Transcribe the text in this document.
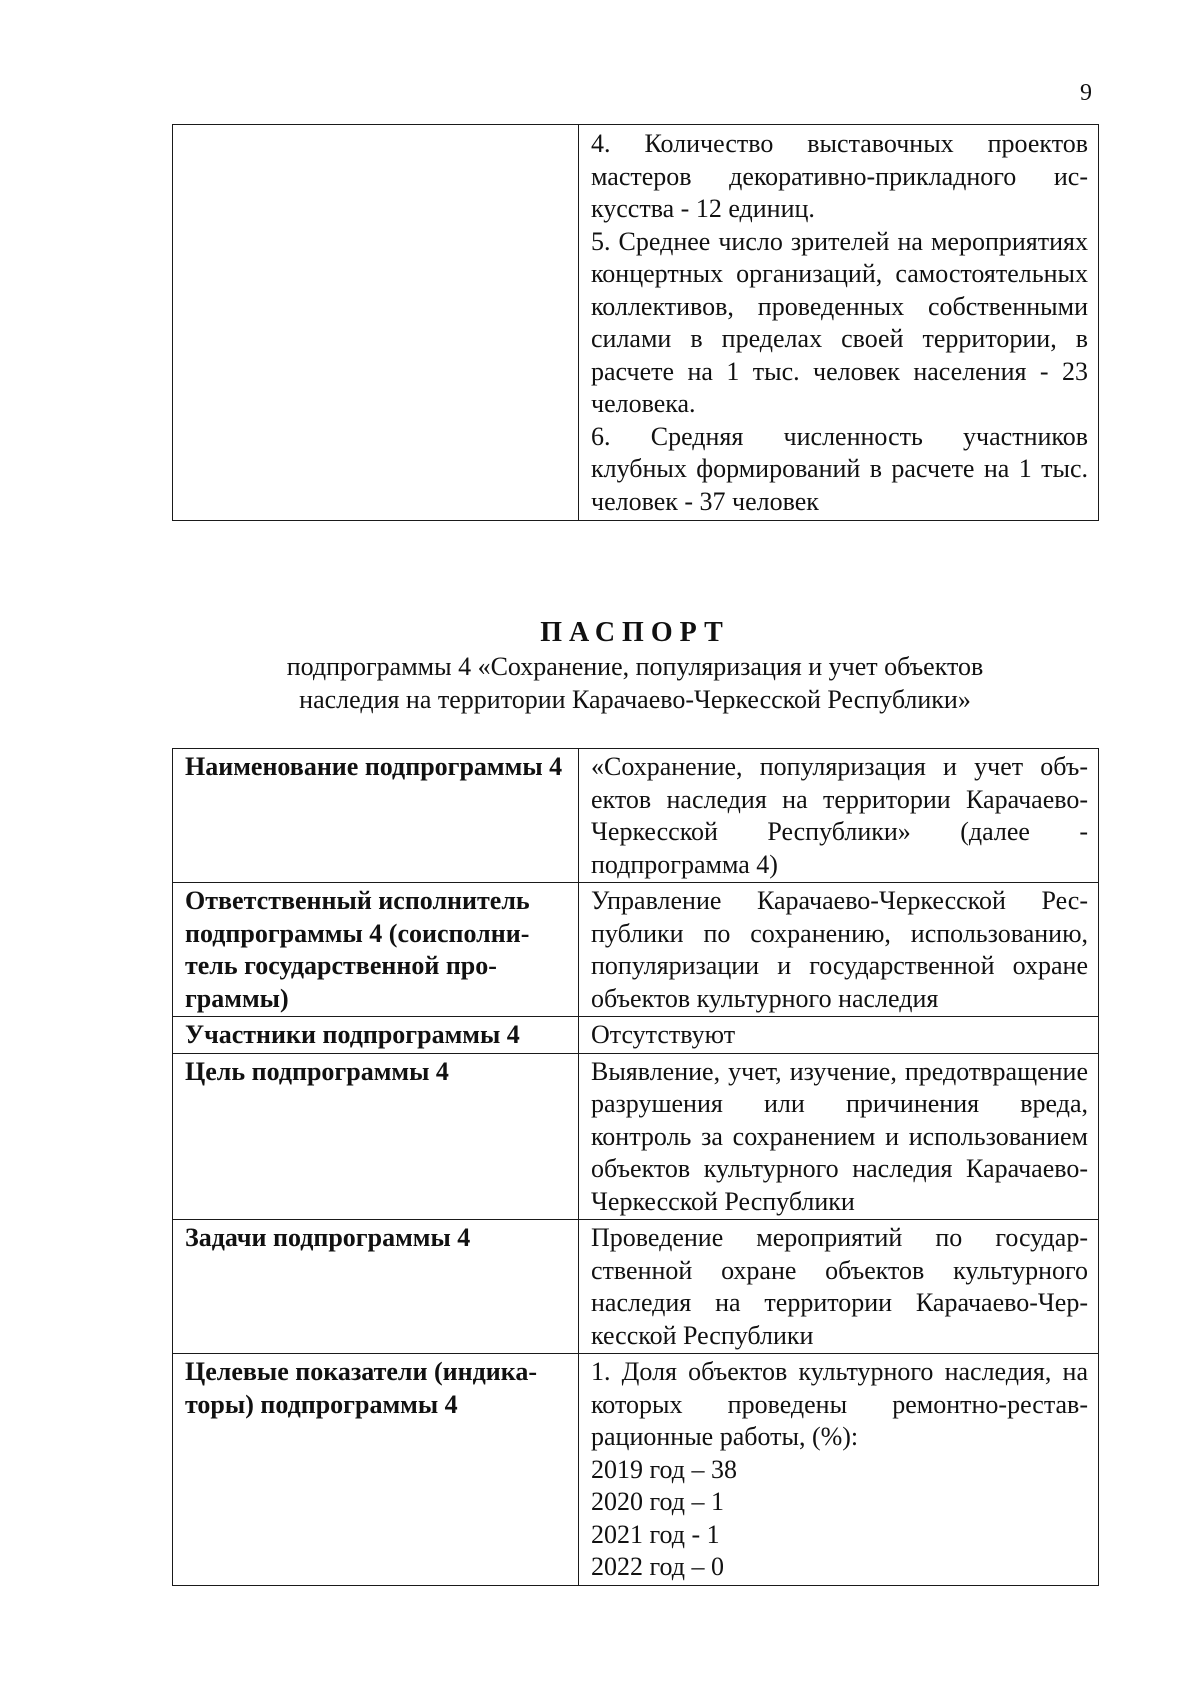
9

4. Количество выставочных проектов мастеров декоративно-прикладного искусства - 12 единиц.
5. Среднее число зрителей на мероприятиях концертных организаций, самостоятельных коллективов, проведенных собственными силами в пределах своей территории, в расчете на 1 тыс. человек населения - 23 человека.
6. Средняя численность участников клубных формирований в расчете на 1 тыс. человек - 37 человек
ПАСПОРТ
подпрограммы 4 «Сохранение, популяризация и учет объектов
наследия на территории Карачаево-Черкесской Республики»
Наименование подпрограммы 4	«Сохранение, популяризация и учет объектов наследия на территории Карачаево-Черкесской Республики» (далее - подпрограмма 4)

Ответственный исполнитель подпрограммы 4 (соисполнитель государственной программы)	Управление Карачаево-Черкесской Республики по сохранению, использованию, популяризации и государственной охране объектов культурного наследия

Участники подпрограммы 4	Отсутствуют

Цель подпрограммы 4	Выявление, учет, изучение, предотвращение разрушения или причинения вреда, контроль за сохранением и использованием объектов культурного наследия Карачаево-Черкесской Республики

Задачи подпрограммы 4	Проведение мероприятий по государственной охране объектов культурного наследия на территории Карачаево-Черкесской Республики

Целевые показатели (индикаторы) подпрограммы 4	1. Доля объектов культурного наследия, на которых проведены ремонтно-реставрационные работы, (%):
2019 год – 38
2020 год – 1
2021 год - 1
2022 год – 0
